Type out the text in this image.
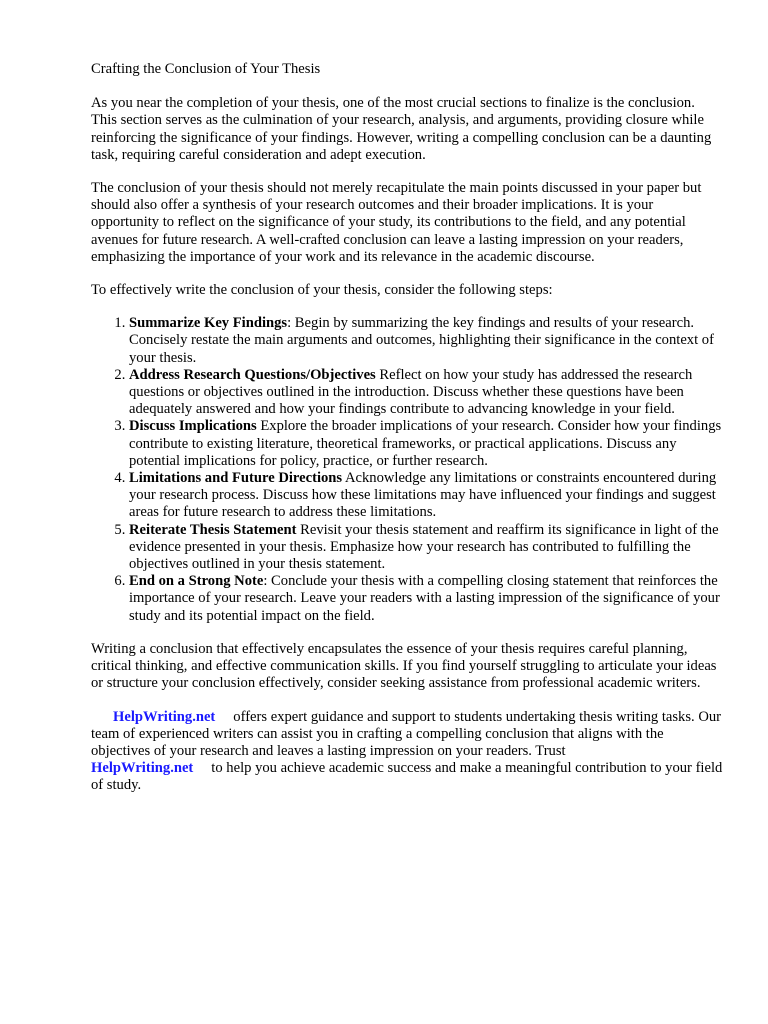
Crafting the Conclusion of Your Thesis

As you near the completion of your thesis, one of the most crucial sections to finalize is the conclusion. This section serves as the culmination of your research, analysis, and arguments, providing closure while reinforcing the significance of your findings. However, writing a compelling conclusion can be a daunting task, requiring careful consideration and adept execution.

The conclusion of your thesis should not merely recapitulate the main points discussed in your paper but should also offer a synthesis of your research outcomes and their broader implications. It is your opportunity to reflect on the significance of your study, its contributions to the field, and any potential avenues for future research. A well-crafted conclusion can leave a lasting impression on your readers, emphasizing the importance of your work and its relevance in the academic discourse.

To effectively write the conclusion of your thesis, consider the following steps:

1. Summarize Key Findings: Begin by summarizing the key findings and results of your research. Concisely restate the main arguments and outcomes, highlighting their significance in the context of your thesis.
2. Address Research Questions/Objectives Reflect on how your study has addressed the research questions or objectives outlined in the introduction. Discuss whether these questions have been adequately answered and how your findings contribute to advancing knowledge in your field.
3. Discuss Implications Explore the broader implications of your research. Consider how your findings contribute to existing literature, theoretical frameworks, or practical applications. Discuss any potential implications for policy, practice, or further research.
4. Limitations and Future Directions Acknowledge any limitations or constraints encountered during your research process. Discuss how these limitations may have influenced your findings and suggest areas for future research to address these limitations.
5. Reiterate Thesis Statement Revisit your thesis statement and reaffirm its significance in light of the evidence presented in your thesis. Emphasize how your research has contributed to fulfilling the objectives outlined in your thesis statement.
6. End on a Strong Note: Conclude your thesis with a compelling closing statement that reinforces the importance of your research. Leave your readers with a lasting impression of the significance of your study and its potential impact on the field.

Writing a conclusion that effectively encapsulates the essence of your thesis requires careful planning, critical thinking, and effective communication skills. If you find yourself struggling to articulate your ideas or structure your conclusion effectively, consider seeking assistance from professional academic writers.

HelpWriting.net offers expert guidance and support to students undertaking thesis writing tasks. Our team of experienced writers can assist you in crafting a compelling conclusion that aligns with the objectives of your research and leaves a lasting impression on your readers. Trust
HelpWriting.net to help you achieve academic success and make a meaningful contribution to your field of study.
